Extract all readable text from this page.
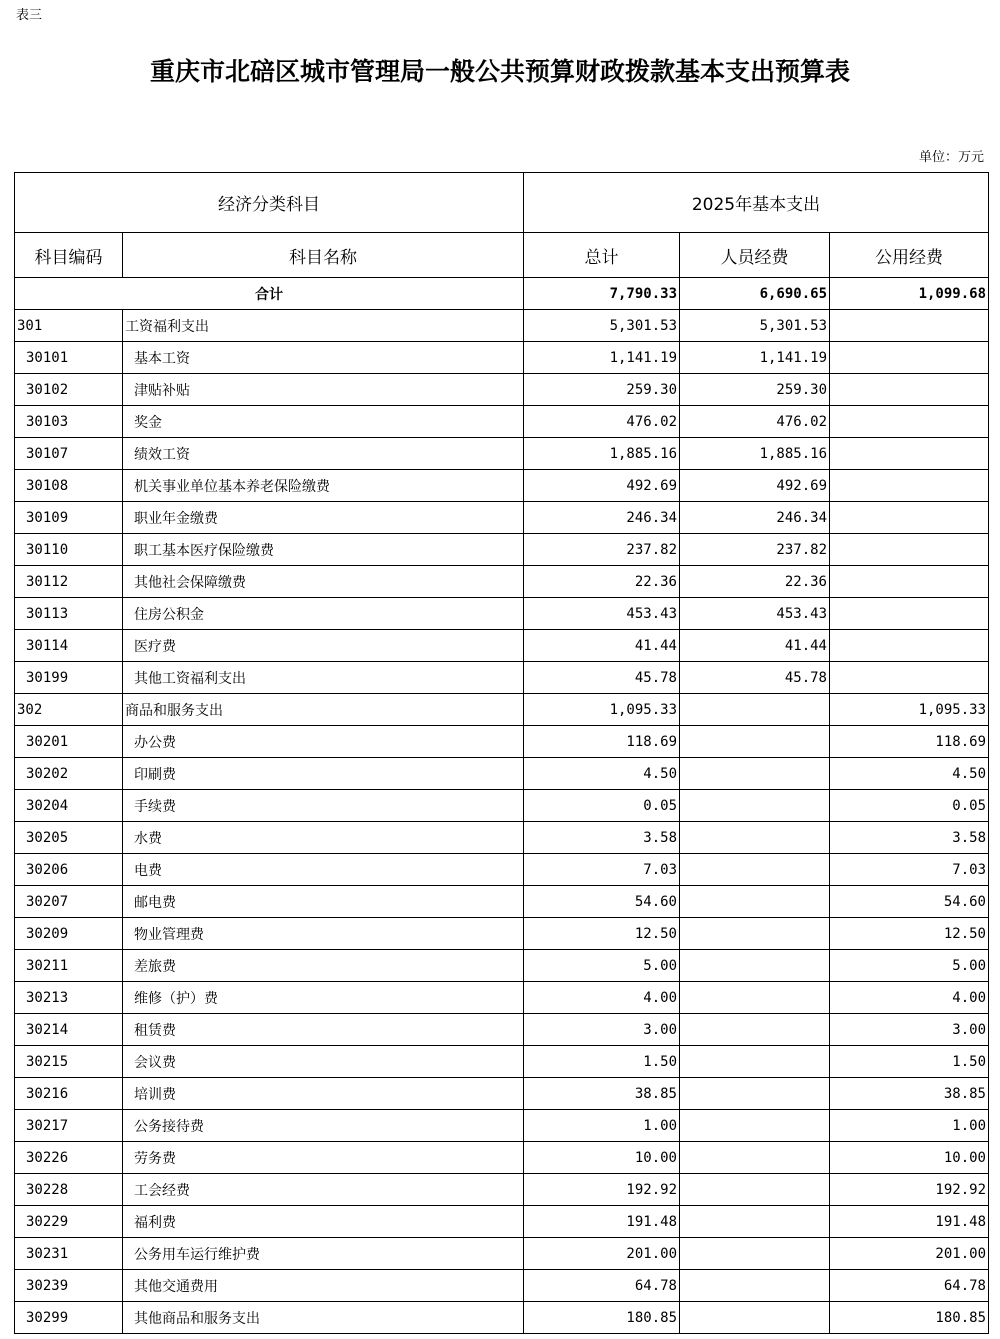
表三
重庆市北碚区城市管理局一般公共预算财政拨款基本支出预算表
单位：万元
经济分类科目		2025年基本支出		
科目编码	科目名称	总计	人员经费	公用经费
合计		7,790.33	6,690.65	1,099.68
301	工资福利支出	5,301.53	5,301.53	
30101	基本工资	1,141.19	1,141.19	
30102	津贴补贴	259.30	259.30	
30103	奖金	476.02	476.02	
30107	绩效工资	1,885.16	1,885.16	
30108	机关事业单位基本养老保险缴费	492.69	492.69	
30109	职业年金缴费	246.34	246.34	
30110	职工基本医疗保险缴费	237.82	237.82	
30112	其他社会保障缴费	22.36	22.36	
30113	住房公积金	453.43	453.43	
30114	医疗费	41.44	41.44	
30199	其他工资福利支出	45.78	45.78	
302	商品和服务支出	1,095.33		1,095.33
30201	办公费	118.69		118.69
30202	印刷费	4.50		4.50
30204	手续费	0.05		0.05
30205	水费	3.58		3.58
30206	电费	7.03		7.03
30207	邮电费	54.60		54.60
30209	物业管理费	12.50		12.50
30211	差旅费	5.00		5.00
30213	维修（护）费	4.00		4.00
30214	租赁费	3.00		3.00
30215	会议费	1.50		1.50
30216	培训费	38.85		38.85
30217	公务接待费	1.00		1.00
30226	劳务费	10.00		10.00
30228	工会经费	192.92		192.92
30229	福利费	191.48		191.48
30231	公务用车运行维护费	201.00		201.00
30239	其他交通费用	64.78		64.78
30299	其他商品和服务支出	180.85		180.85
